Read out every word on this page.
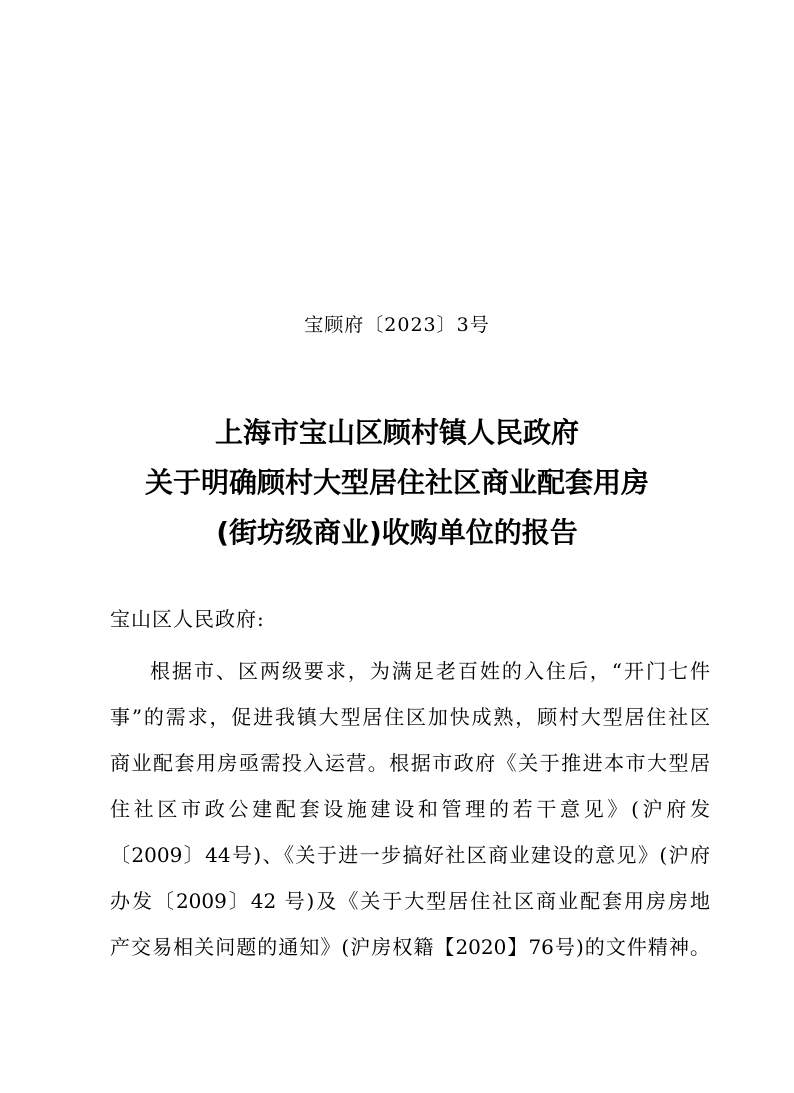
宝顾府〔2023〕3号
上海市宝山区顾村镇人民政府
关于明确顾村大型居住社区商业配套用房
(街坊级商业)收购单位的报告
宝山区人民政府:
根据市、区两级要求，为满足老百姓的入住后，“开门七件
事”的需求，促进我镇大型居住区加快成熟，顾村大型居住社区
商业配套用房亟需投入运营。根据市政府《关于推进本市大型居
住社区市政公建配套设施建设和管理的若干意见》(沪府发
〔2009〕44号)、《关于进一步搞好社区商业建设的意见》(沪府
办发〔2009〕42 号)及《关于大型居住社区商业配套用房房地
产交易相关问题的通知》(沪房权籍【2020】76号)的文件精神。
